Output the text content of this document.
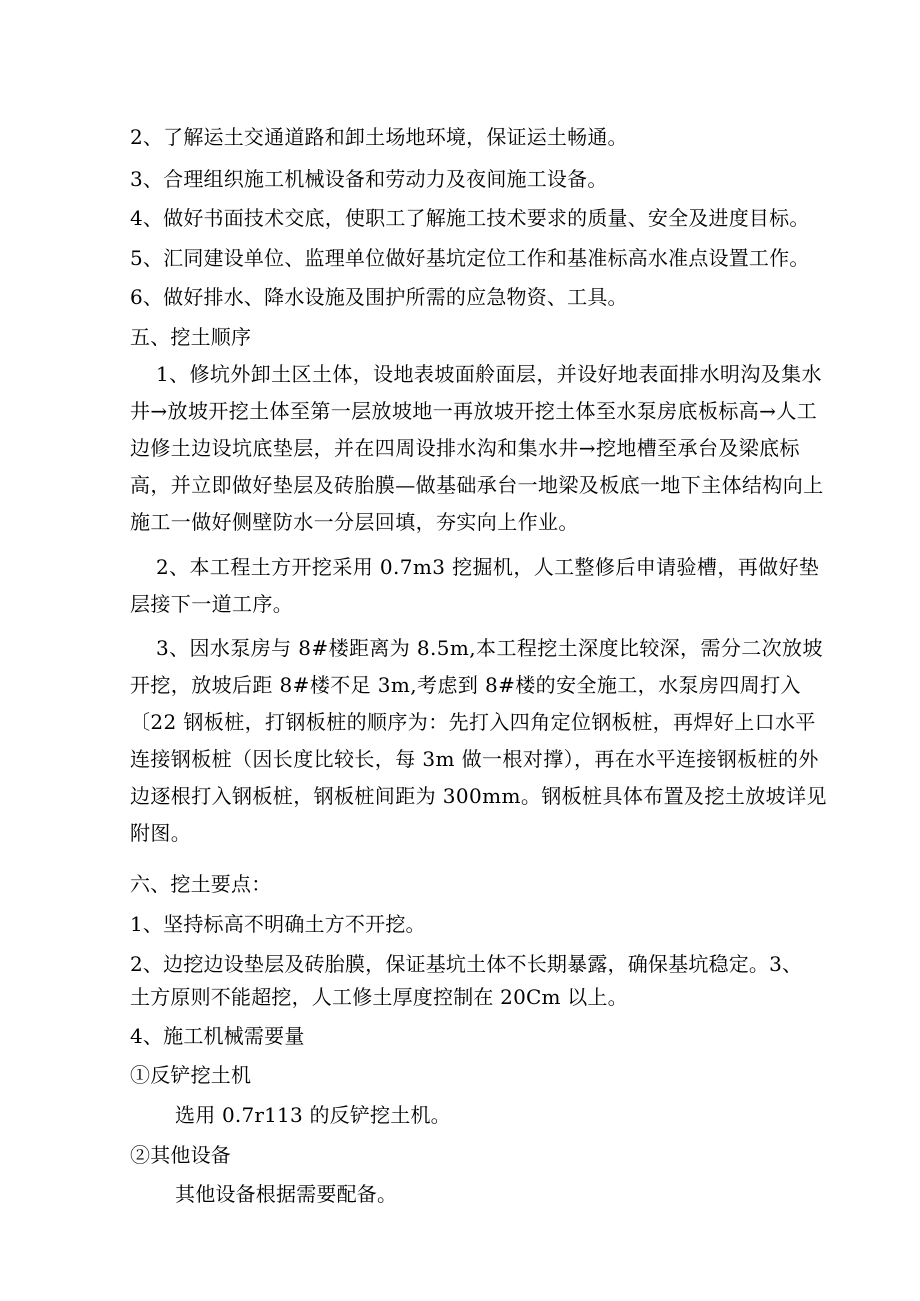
2、了解运土交通道路和卸土场地环境，保证运土畅通。
3、合理组织施工机械设备和劳动力及夜间施工设备。
4、做好书面技术交底，使职工了解施工技术要求的质量、安全及进度目标。
5、汇同建设单位、监理单位做好基坑定位工作和基准标高水准点设置工作。
6、做好排水、降水设施及围护所需的应急物资、工具。
五、挖土顺序
1、修坑外卸土区土体，设地表坡面舲面层，并设好地表面排水明沟及集水井→放坡开挖土体至第一层放坡地一再放坡开挖土体至水泵房底板标高→人工边修土边设坑底垫层，并在四周设排水沟和集水井→挖地槽至承台及梁底标高，并立即做好垫层及砖胎膜—做基础承台一地梁及板底一地下主体结构向上施工一做好侧壁防水一分层回填，夯实向上作业。
2、本工程土方开挖采用 0.7m3 挖掘机，人工整修后申请验槽，再做好垫层接下一道工序。
3、因水泵房与 8#楼距离为 8.5m,本工程挖土深度比较深，需分二次放坡开挖，放坡后距 8#楼不足 3m,考虑到 8#楼的安全施工，水泵房四周打入〔22 钢板桩，打钢板桩的顺序为：先打入四角定位钢板桩，再焊好上口水平连接钢板桩（因长度比较长，每 3m 做一根对撑），再在水平连接钢板桩的外边逐根打入钢板桩，钢板桩间距为 300mm。钢板桩具体布置及挖土放坡详见附图。
六、挖土要点：
1、坚持标高不明确土方不开挖。
2、边挖边设垫层及砖胎膜，保证基坑土体不长期暴露，确保基坑稳定。3、
土方原则不能超挖，人工修土厚度控制在 20Cm 以上。
4、施工机械需要量
①反铲挖土机
选用 0.7r113 的反铲挖土机。
②其他设备
其他设备根据需要配备。
